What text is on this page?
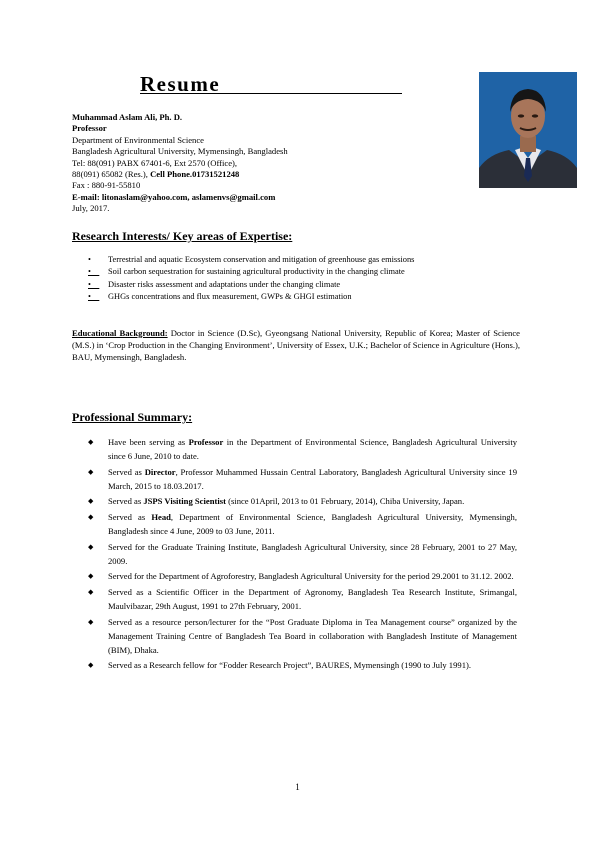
Resume
Muhammad Aslam Ali, Ph. D.
Professor
Department of Environmental Science
Bangladesh Agricultural University, Mymensingh, Bangladesh
Tel: 88(091) PABX 67401-6, Ext 2570 (Office),
88(091) 65082 (Res.), Cell Phone.01731521248
Fax : 880-91-55810
E-mail: litonaslam@yahoo.com, aslamenvs@gmail.com
July, 2017.
Research Interests/ Key areas of Expertise:
• Terrestrial and aquatic Ecosystem conservation and mitigation of greenhouse gas emissions
• Soil carbon sequestration for sustaining agricultural productivity in the changing climate
• Disaster risks assessment and adaptations under the changing climate
• GHGs concentrations and flux measurement, GWPs & GHGI estimation
Educational Background: Doctor in Science (D.Sc), Gyeongsang National University, Republic of Korea; Master of Science (M.S.) in ‘Crop Production in the Changing Environment’, University of Essex, U.K.; Bachelor of Science in Agriculture (Hons.), BAU, Mymensingh, Bangladesh.
Professional Summary:
◆ Have been serving as Professor in the Department of Environmental Science, Bangladesh Agricultural University since 6 June, 2010 to date.
◆ Served as Director, Professor Muhammed Hussain Central Laboratory, Bangladesh Agricultural University since 19 March, 2015 to 18.03.2017.
◆ Served as JSPS Visiting Scientist (since 01April, 2013 to 01 February, 2014), Chiba University, Japan.
◆ Served as Head, Department of Environmental Science, Bangladesh Agricultural University, Mymensingh, Bangladesh since 4 June, 2009 to 03 June, 2011.
◆ Served for the Graduate Training Institute, Bangladesh Agricultural University, since 28 February, 2001 to 27 May, 2009.
◆ Served for the Department of Agroforestry, Bangladesh Agricultural University for the period 29.2001 to 31.12. 2002.
◆ Served as a Scientific Officer in the Department of Agronomy, Bangladesh Tea Research Institute, Srimangal, Maulvibazar, 29th August, 1991 to 27th February, 2001.
◆ Served as a resource person/lecturer for the “Post Graduate Diploma in Tea Management course” organized by the Management Training Centre of Bangladesh Tea Board in collaboration with Bangladesh Institute of Management (BIM), Dhaka.
◆ Served as a Research fellow for “Fodder Research Project”, BAURES, Mymensingh (1990 to July 1991).
1
